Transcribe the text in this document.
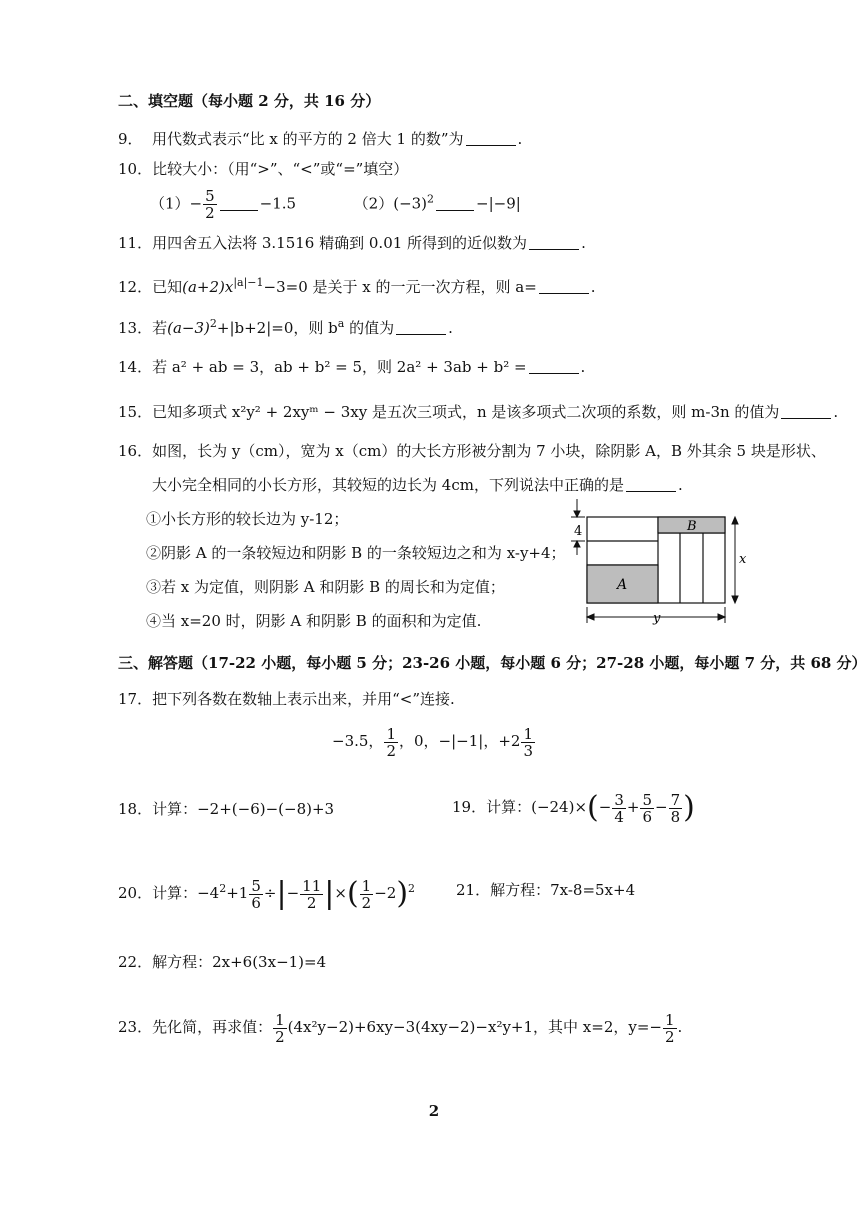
二、填空题（每小题 2 分，共 16 分）
9． 用代数式表示“比 x 的平方的 2 倍大 1 的数”为	.
10．比较大小：（用“>”、“<”或“=”填空）
$(1)- \frac{5}{2}$	−1.5	$(2)(-3)^2$	−|−9|
11．用四舍五入法将 3.1516 精确到 0.01 所得到的近似数为	.
12．已知$(a+2)x^{|a|-1}-3=0$ 是关于 x 的一元一次方程，则 a=	.
13．若$(a-3)^2+|b+2|=0$，则 $b^a$ 的值为	.
14．若 a² + ab = 3，ab + b² = 5，则 2a² + 3ab + b² =	.
15．已知多项式 x²y² + 2xyᵐ − 3xy 是五次三项式，n 是该多项式二次项的系数，则 m-3n 的值为	.
16．如图，长为 y（cm），宽为 x（cm）的大长方形被分割为 7 小块，除阴影 A，B 外其余 5 块是形状、
大小完全相同的小长方形，其较短的边长为 4cm，下列说法中正确的是	.
①小长方形的较长边为 y-12；
②阴影 A 的一条较短边和阴影 B 的一条较短边之和为 x-y+4；
③若 x 为定值，则阴影 A 和阴影 B 的周长和为定值；
④当 x=20 时，阴影 A 和阴影 B 的面积和为定值.
4
A
B
x
y
三、解答题（17-22 小题，每小题 5 分；23-26 小题，每小题 6 分；27-28 小题，每小题 7 分，共 68 分）
17．把下列各数在数轴上表示出来，并用“<”连接.
−3.5， $\frac{1}{2}$ ，0，−|−1|，$+2 \frac{1}{3}$
18．计算：−2+(−6)−(−8)+3	19．计算：$(-24)\times(- \frac{3}{4} + \frac{5}{6} - \frac{7}{8}$ )
20．计算：$-4^2+1 \frac{5}{6}$ ÷|− $\frac{11}{2}$ |×( $\frac{1}{2} -2)^2$	21．解方程：7x-8=5x+4
22．解方程：2x+6(3x−1)=4
23．先化简，再求值： $\frac{1}{2} (4x^2y-2)+6xy-3(4xy-2)-x^2y+1$，其中 x=2，$y=- \frac{1}{2}$ .
2
